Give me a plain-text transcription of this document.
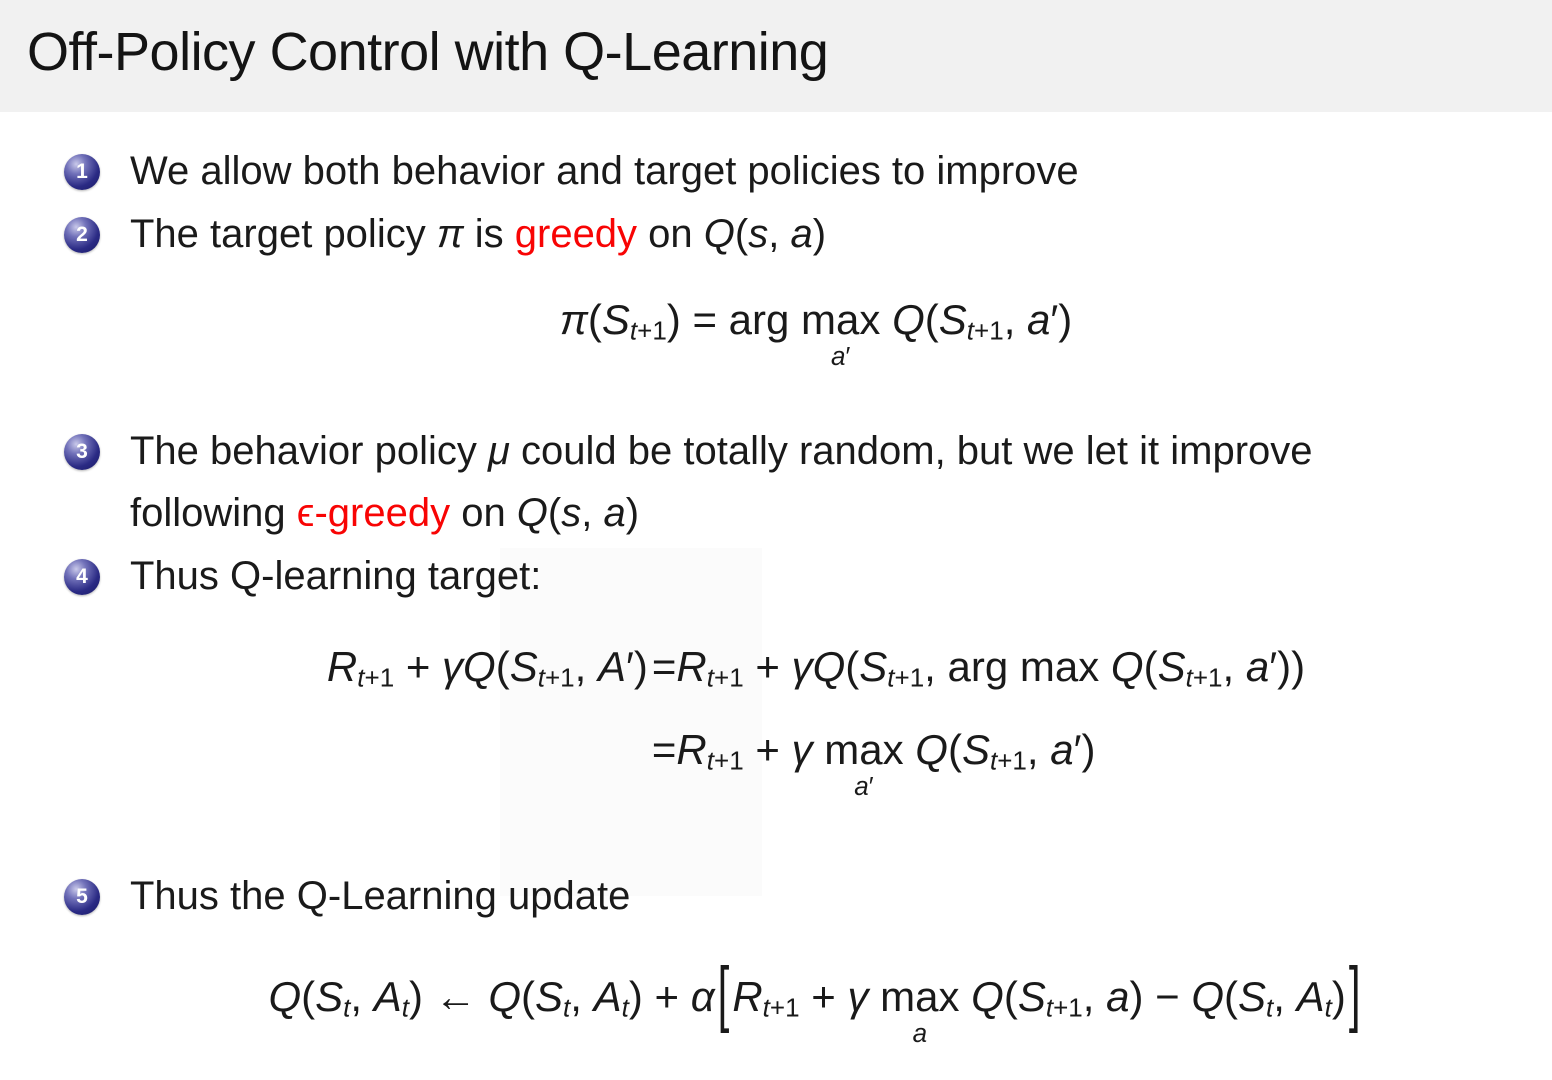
Off-Policy Control with Q-Learning
1	We allow both behavior and target policies to improve
2	The target policy π is greedy on Q(s, a)
π(St+1) = arg max
a′
Q(St+1, a′)
3	The behavior policy μ could be totally random, but we let it improve
following ϵ-greedy on Q(s, a)
4	Thus Q-learning target:
Rt+1 + γQ(St+1, A′) =Rt+1 + γQ(St+1, arg max Q(St+1, a′))
=Rt+1 + γ max
a′
Q(St+1, a′)
5	Thus the Q-Learning update
Q(St, At) ← Q(St, At) + α[Rt+1 + γ max
a
Q(St+1, a) − Q(St, At)]
